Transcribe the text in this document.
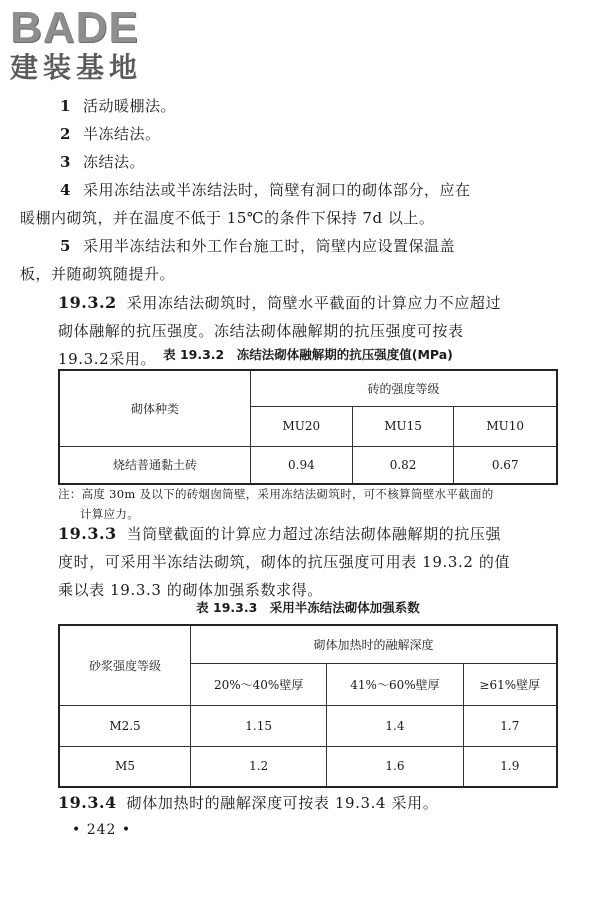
BADE
建装基地
1 活动暖棚法。
2 半冻结法。
3 冻结法。
4 采用冻结法或半冻结法时，筒壁有洞口的砌体部分，应在
暖棚内砌筑，并在温度不低于 15℃的条件下保持 7d 以上。
5 采用半冻结法和外工作台施工时，筒壁内应设置保温盖
板，并随砌筑随提升。
19.3.2 采用冻结法砌筑时，筒壁水平截面的计算应力不应超过
砌体融解的抗压强度。冻结法砌体融解期的抗压强度可按表
19.3.2采用。 表 19.3.2　冻结法砌体融解期的抗压强度值(MPa)
砌体种类	砖的强度等级		
	MU20	MU15	MU10
烧结普通黏土砖	0.94	0.82	0.67
注：高度 30m 及以下的砖烟囱筒壁，采用冻结法砌筑时，可不核算筒壁水平截面的
计算应力。
19.3.3 当筒壁截面的计算应力超过冻结法砌体融解期的抗压强
度时，可采用半冻结法砌筑，砌体的抗压强度可用表 19.3.2 的值
乘以表 19.3.3 的砌体加强系数求得。
表 19.3.3　采用半冻结法砌体加强系数
砂浆强度等级	砌体加热时的融解深度		
	20%～40%壁厚	41%～60%壁厚	≥61%壁厚
M2.5	1.15	1.4	1.7
M5	1.2	1.6	1.9
19.3.4 砌体加热时的融解深度可按表 19.3.4 采用。
• 242 •
